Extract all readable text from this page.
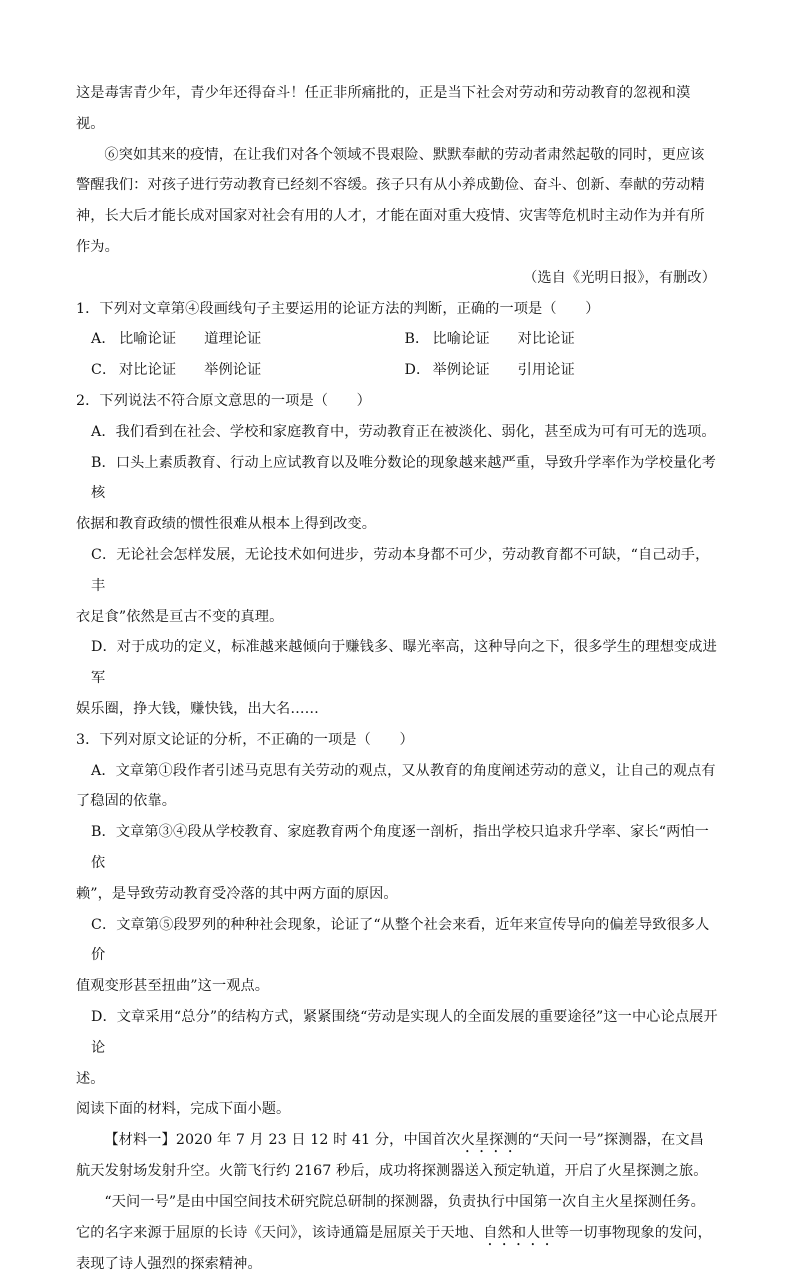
这是毒害青少年，青少年还得奋斗！任正非所痛批的，正是当下社会对劳动和劳动教育的忽视和漠视。

⑥突如其来的疫情，在让我们对各个领域不畏艰险、默默奉献的劳动者肃然起敬的同时，更应该警醒我们：对孩子进行劳动教育已经刻不容缓。孩子只有从小养成勤俭、奋斗、创新、奉献的劳动精神，长大后才能长成对国家对社会有用的人才，才能在面对重大疫情、灾害等危机时主动作为并有所作为。

（选自《光明日报》，有删改）

1．下列对文章第④段画线句子主要运用的论证方法的判断，正确的一项是（　　）

A． 比喻论证 道理论证	B． 比喻论证 对比论证
C． 对比论证 举例论证	D． 举例论证 引用论证

2．下列说法不符合原文意思的一项是（　　）

A．我们看到在社会、学校和家庭教育中，劳动教育正在被淡化、弱化，甚至成为可有可无的选项。

B．口头上素质教育、行动上应试教育以及唯分数论的现象越来越严重，导致升学率作为学校量化考核

依据和教育政绩的惯性很难从根本上得到改变。

C．无论社会怎样发展，无论技术如何进步，劳动本身都不可少，劳动教育都不可缺，“自己动手，丰

衣足食”依然是亘古不变的真理。

D．对于成功的定义，标准越来越倾向于赚钱多、曝光率高，这种导向之下，很多学生的理想变成进军

娱乐圈，挣大钱，赚快钱，出大名……

3．下列对原文论证的分析，不正确的一项是（　　）

A．文章第①段作者引述马克思有关劳动的观点，又从教育的角度阐述劳动的意义，让自己的观点有

了稳固的依靠。

B．文章第③④段从学校教育、家庭教育两个角度逐一剖析，指出学校只追求升学率、家长“两怕一依

赖”，是导致劳动教育受冷落的其中两方面的原因。

C．文章第⑤段罗列的种种社会现象，论证了“从整个社会来看，近年来宣传导向的偏差导致很多人价

值观变形甚至扭曲”这一观点。

D．文章采用“总分”的结构方式，紧紧围绕“劳动是实现人的全面发展的重要途径”这一中心论点展开论

述。

阅读下面的材料，完成下面小题。

【材料一】2020 年 7 月 23 日 12 时 41 分，中国首次火星探测的“天问一号”探测器，在文昌航天发射场发射升空。火箭飞行约 2167 秒后，成功将探测器送入预定轨道，开启了火星探测之旅。

“天问一号”是由中国空间技术研究院总研制的探测器，负责执行中国第一次自主火星探测任务。它的名字来源于屈原的长诗《天问》，该诗通篇是屈原关于天地、自然和人世等一切事物现象的发问，表现了诗人强烈的探索精神。
